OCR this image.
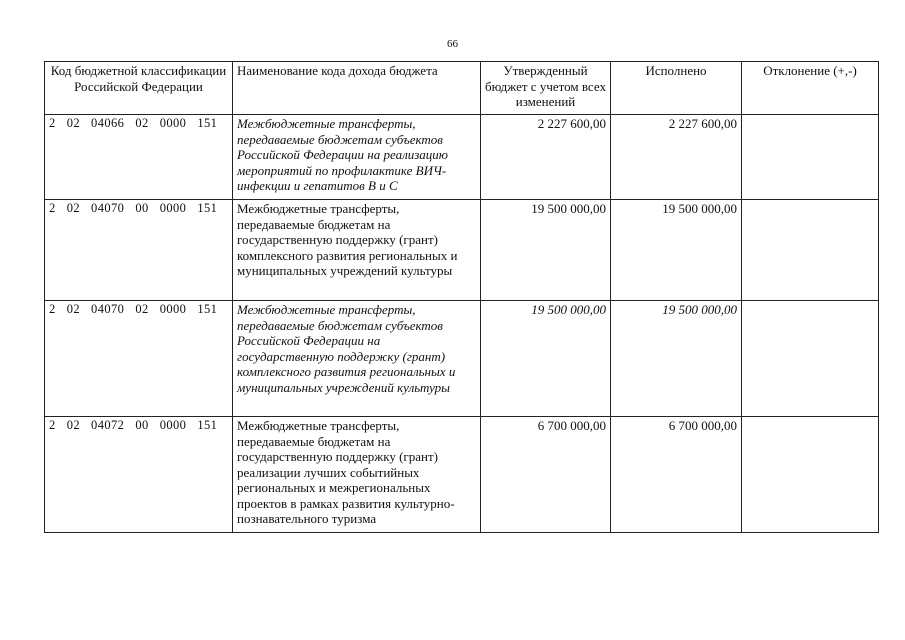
66
Код бюджетной классификации Российской Федерации	Наименование кода дохода бюджета	Утвержденный бюджет с учетом всех изменений	Исполнено	Отклонение (+,-)
2  02  04066  02  0000  151	Межбюджетные трансферты, передаваемые бюджетам субъектов Российской Федерации на реализацию мероприятий по профилактике ВИЧ-инфекции и гепатитов В и С	2 227 600,00	2 227 600,00	
2  02  04070  00  0000  151	Межбюджетные трансферты, передаваемые бюджетам на государственную поддержку (грант) комплексного развития региональных и муниципальных учреждений культуры	19 500 000,00	19 500 000,00	
2  02  04070  02  0000  151	Межбюджетные трансферты, передаваемые бюджетам субъектов Российской Федерации на государственную поддержку (грант) комплексного развития региональных и муниципальных учреждений культуры	19 500 000,00	19 500 000,00	
2  02  04072  00  0000  151	Межбюджетные трансферты, передаваемые бюджетам на государственную поддержку (грант) реализации лучших событийных региональных и межрегиональных проектов в рамках развития культурно-познавательного туризма	6 700 000,00	6 700 000,00	
